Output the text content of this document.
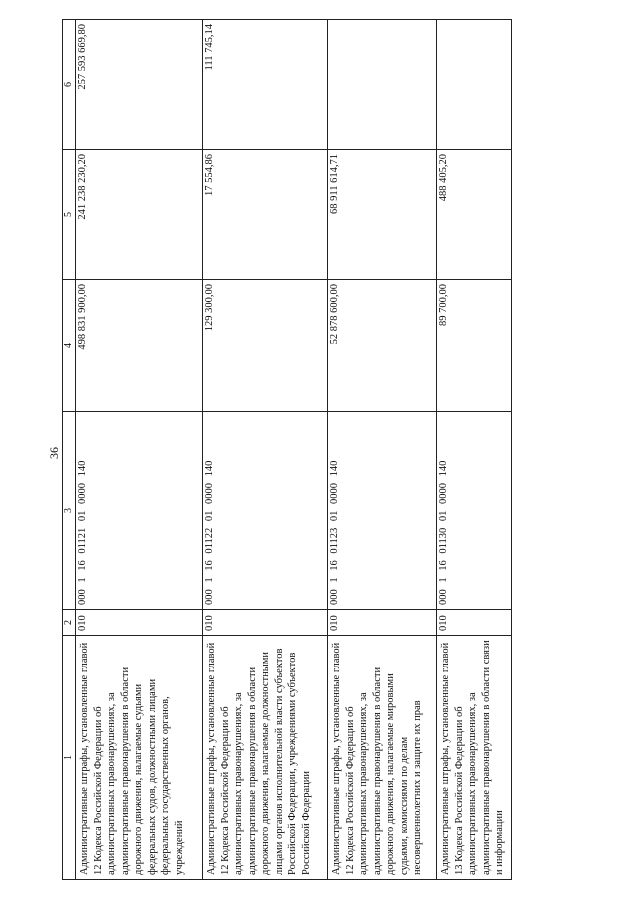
36
1	2	3	4	5	6
Административные штрафы, установленные главой 12 Кодекса Российской Федерации об административных правонарушениях, за административные правонарушения в области дорожного движения, налагаемые судьями федеральных судов, должностными лицами федеральных государственных органов, учреждений	010	000 1 16 01121 01 0000 140	498 831 900,00	241 238 230,20	257 593 669,80
Административные штрафы, установленные главой 12 Кодекса Российской Федерации об административных правонарушениях, за административные правонарушения в области дорожного движения, налагаемые должностными лицами органов исполнительной власти субъектов Российской Федерации, учреждениями субъектов Российской Федерации	010	000 1 16 01122 01 0000 140	129 300,00	17 554,86	111 745,14
Административные штрафы, установленные главой 12 Кодекса Российской Федерации об административных правонарушениях, за административные правонарушения в области дорожного движения, налагаемые мировыми судьями, комиссиями по делам несовершеннолетних и защите их прав	010	000 1 16 01123 01 0000 140	52 878 600,00	68 911 614,71	
Административные штрафы, установленные главой 13 Кодекса Российской Федерации об административных правонарушениях, за административные правонарушения в области связи и информации	010	000 1 16 01130 01 0000 140	89 700,00	488 405,20	
